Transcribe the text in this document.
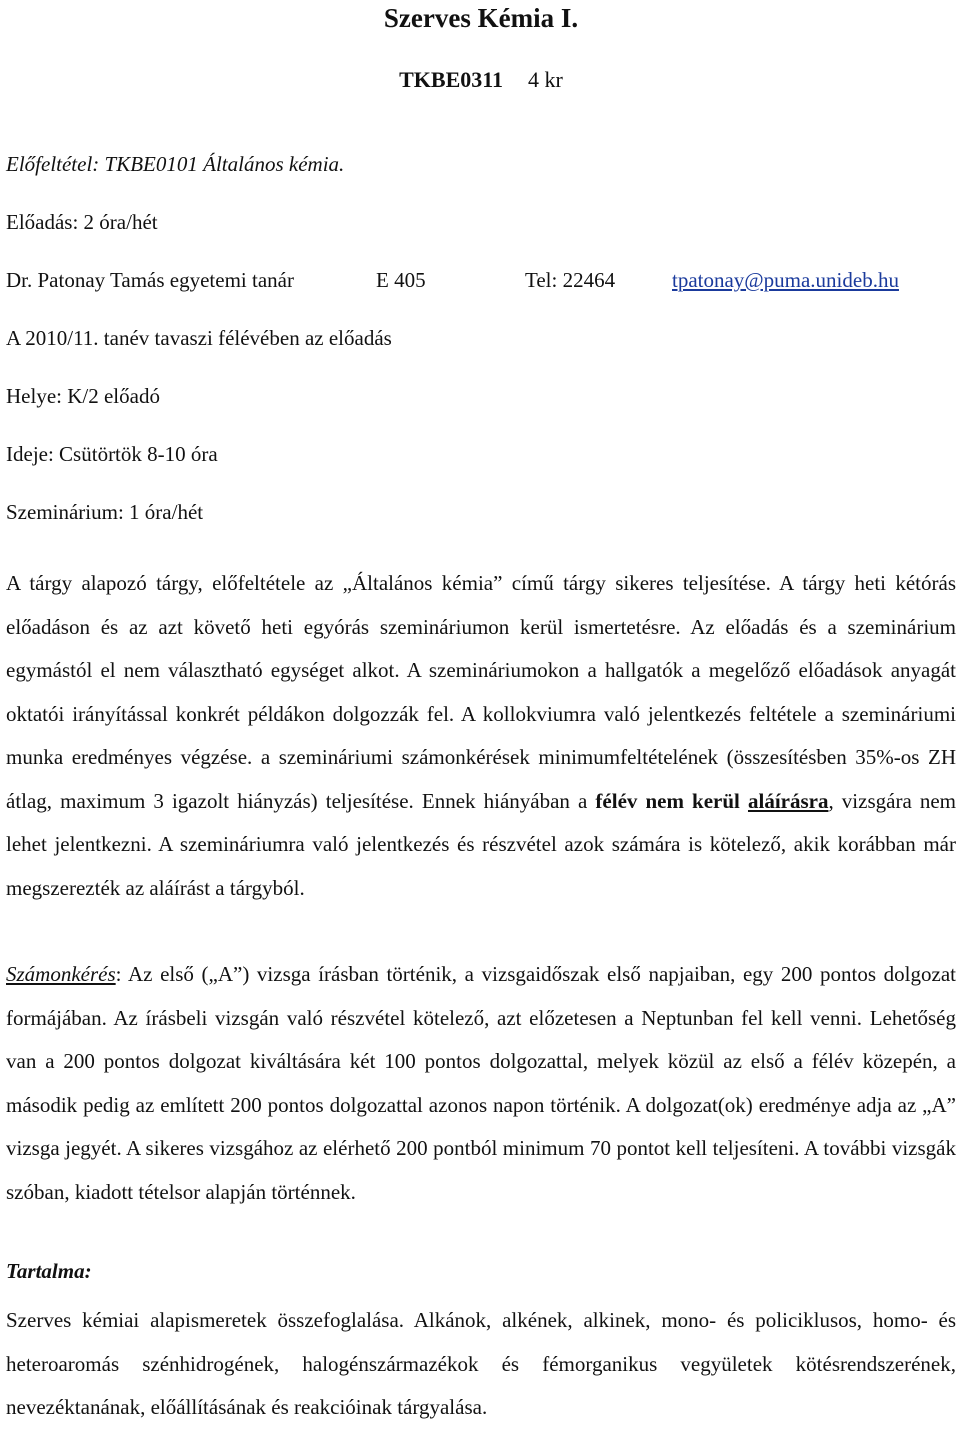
Szerves Kémia I.
TKBE0311 4 kr

Előfeltétel: TKBE0101 Általános kémia.

Előadás: 2 óra/hét

Dr. Patonay Tamás egyetemi tanár	E 405	Tel: 22464	tpatonay@puma.unideb.hu

A 2010/11. tanév tavaszi félévében az előadás

Helye: K/2 előadó

Ideje: Csütörtök 8-10 óra

Szeminárium: 1 óra/hét

A tárgy alapozó tárgy, előfeltétele az „Általános kémia” című tárgy sikeres teljesítése. A tárgy heti kétórás előadáson és az azt követő heti egyórás szemináriumon kerül ismertetésre. Az előadás és a szeminárium egymástól el nem választható egységet alkot. A szemináriumokon a hallgatók a megelőző előadások anyagát oktatói irányítással konkrét példákon dolgozzák fel. A kollokviumra való jelentkezés feltétele a szemináriumi munka eredményes végzése. a szemináriumi számonkérések minimumfeltételének (összesítésben 35%-os ZH átlag, maximum 3 igazolt hiányzás) teljesítése. Ennek hiányában a félév nem kerül aláírásra, vizsgára nem lehet jelentkezni. A szemináriumra való jelentkezés és részvétel azok számára is kötelező, akik korábban már megszerezték az aláírást a tárgyból.

Számonkérés: Az első („A”) vizsga írásban történik, a vizsgaidőszak első napjaiban, egy 200 pontos dolgozat formájában. Az írásbeli vizsgán való részvétel kötelező, azt előzetesen a Neptunban fel kell venni. Lehetőség van a 200 pontos dolgozat kiváltására két 100 pontos dolgozattal, melyek közül az első a félév közepén, a második pedig az említett 200 pontos dolgozattal azonos napon történik. A dolgozat(ok) eredménye adja az „A” vizsga jegyét. A sikeres vizsgához az elérhető 200 pontból minimum 70 pontot kell teljesíteni. A további vizsgák szóban, kiadott tételsor alapján történnek.

Tartalma:

Szerves kémiai alapismeretek összefoglalása. Alkánok, alkének, alkinek, mono- és policiklusos, homo- és heteroaromás szénhidrogének, halogénszármazékok és fémorganikus vegyületek kötésrendszerének, nevezéktanának, előállításának és reakcióinak tárgyalása.
